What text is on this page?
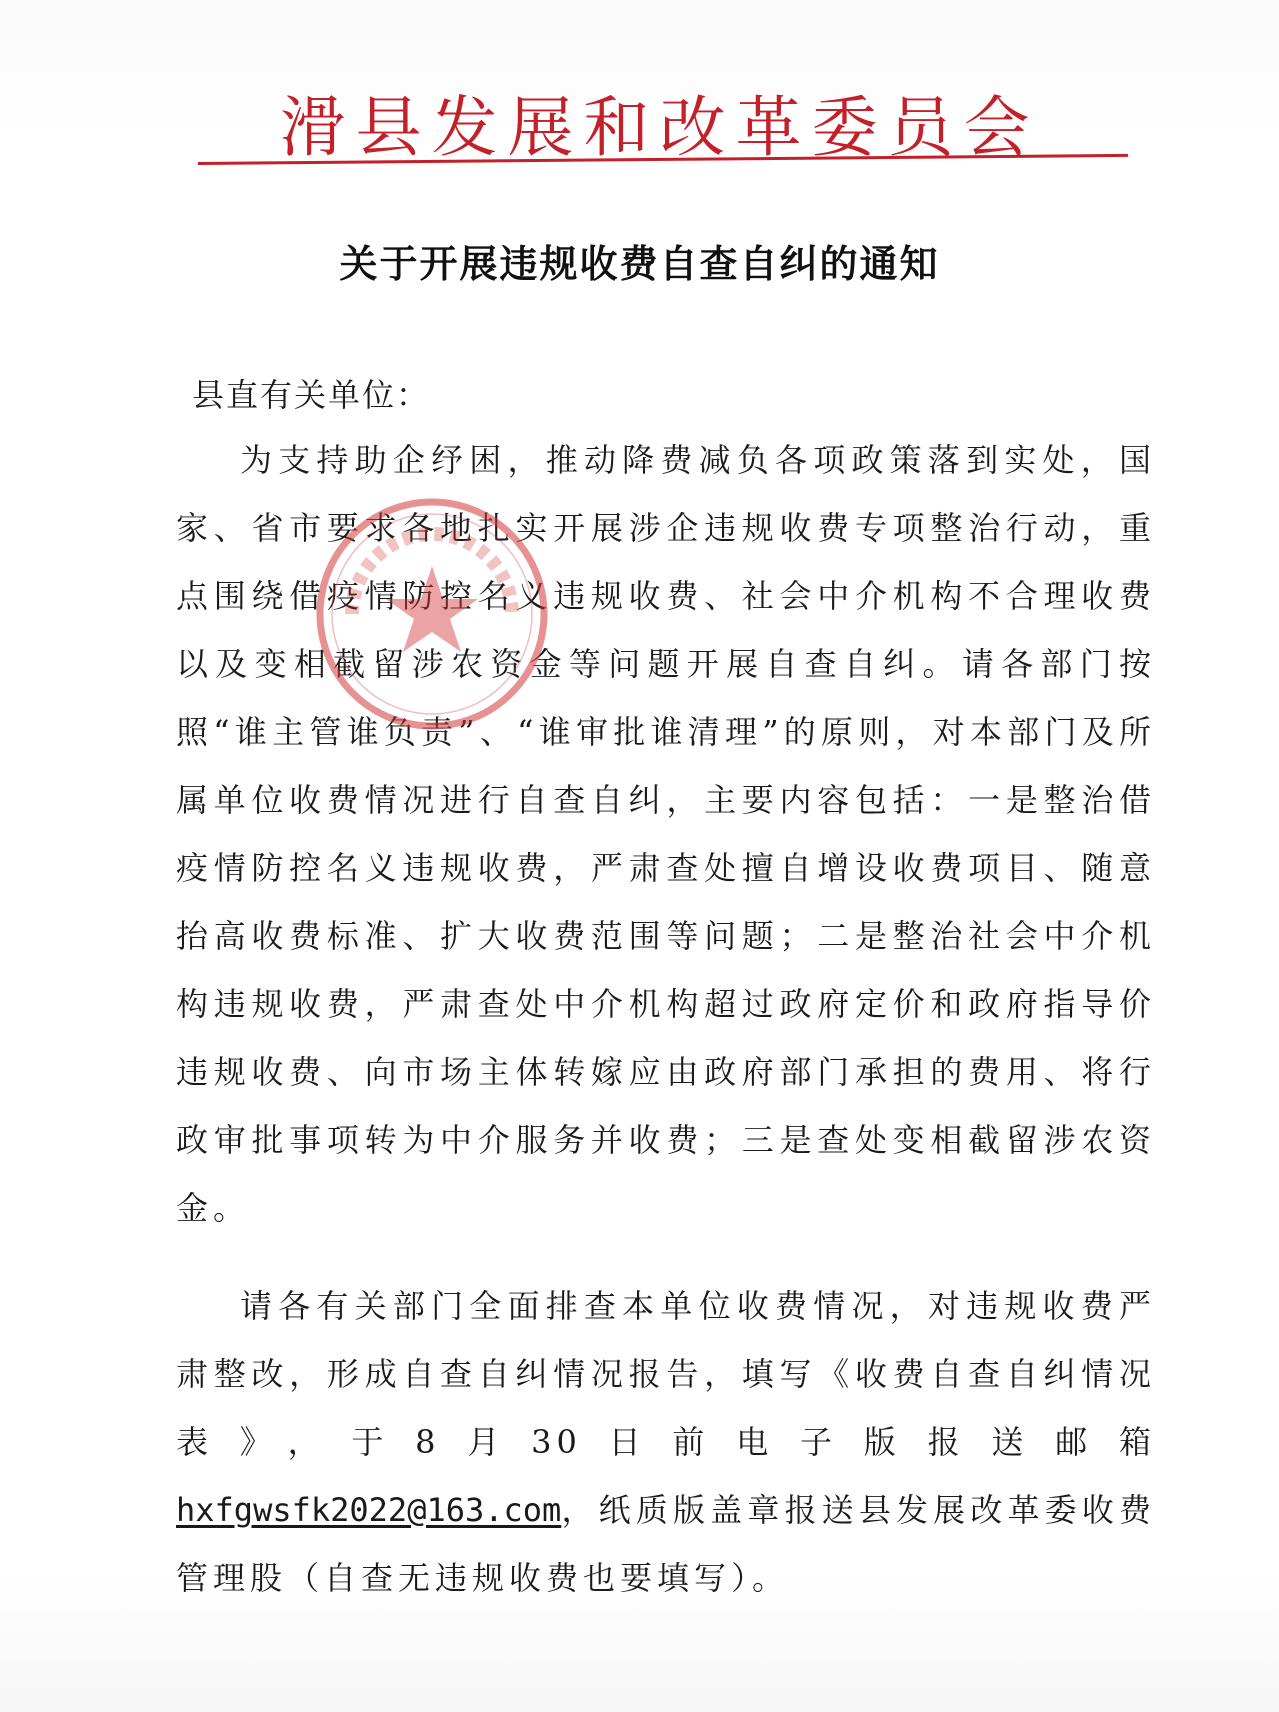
滑县发展和改革委员会
关于开展违规收费自查自纠的通知
县直有关单位：

为支持助企纾困，推动降费减负各项政策落到实处，国家、省市要求各地扎实开展涉企违规收费专项整治行动，重点围绕借疫情防控名义违规收费、社会中介机构不合理收费以及变相截留涉农资金等问题开展自查自纠。请各部门按照“谁主管谁负责”、“谁审批谁清理”的原则，对本部门及所属单位收费情况进行自查自纠，主要内容包括：一是整治借疫情防控名义违规收费，严肃查处擅自增设收费项目、随意抬高收费标准、扩大收费范围等问题；二是整治社会中介机构违规收费，严肃查处中介机构超过政府定价和政府指导价违规收费、向市场主体转嫁应由政府部门承担的费用、将行政审批事项转为中介服务并收费；三是查处变相截留涉农资金。

请各有关部门全面排查本单位收费情况，对违规收费严肃整改，形成自查自纠情况报告，填写《收费自查自纠情况表》，于8月30日前电子版报送邮箱hxfgwsfk2022@163.com，纸质版盖章报送县发展改革委收费管理股（自查无违规收费也要填写）。
